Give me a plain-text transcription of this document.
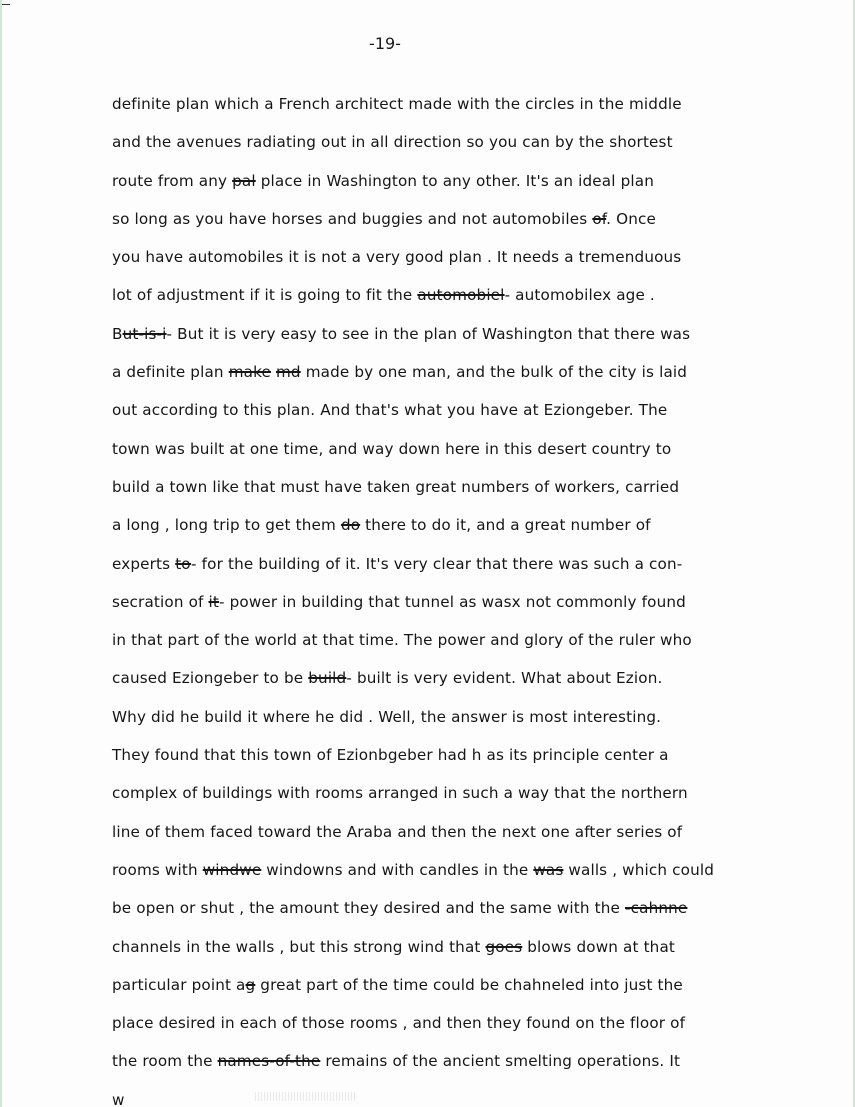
-19-
definite plan which a French architect made with the circles in the middle
and the avenues radiating out in all direction so you can by the shortest
route from any pal place in Washington to any other. It's an ideal plan
so long as you have horses and buggies and not automobiles of. Once
you have automobiles it is not a very good plan . It needs a tremenduous
lot of adjustment if it is going to fit the automobiel- automobilex age .
But-is-i- But it is very easy to see in the plan of Washington that there was
a definite plan make md made by one man, and the bulk of the city is laid
out according to this plan. And that's what you have at Eziongeber. The
town was built at one time, and way down here in this desert country to
build a town like that must have taken great numbers of workers, carried
a long , long trip to get them do there to do it, and a great number of
experts to- for the building of it. It's very clear that there was such a con-
secration of it- power in building that tunnel as wasx not commonly found
in that part of the world at that time. The power and glory of the ruler who
caused Eziongeber to be build- built is very evident. What about Ezion.
Why did he build it where he did . Well, the answer is most interesting.
They found that this town of Ezionbgeber had h as its principle center a
complex of buildings with rooms arranged in such a way that the northern
line of them faced toward the Araba and then the next one after series of
rooms with windwe windowns and with candles in the was walls , which could
be open or shut , the amount they desired and the same with the -cahnne
channels in the walls , but this strong wind that goes blows down at that
particular point ag great part of the time could be chahneled into just the
place desired in each of those rooms , and then they found on the floor of
the room the names-of-the remains of the ancient smelting operations. It
w
